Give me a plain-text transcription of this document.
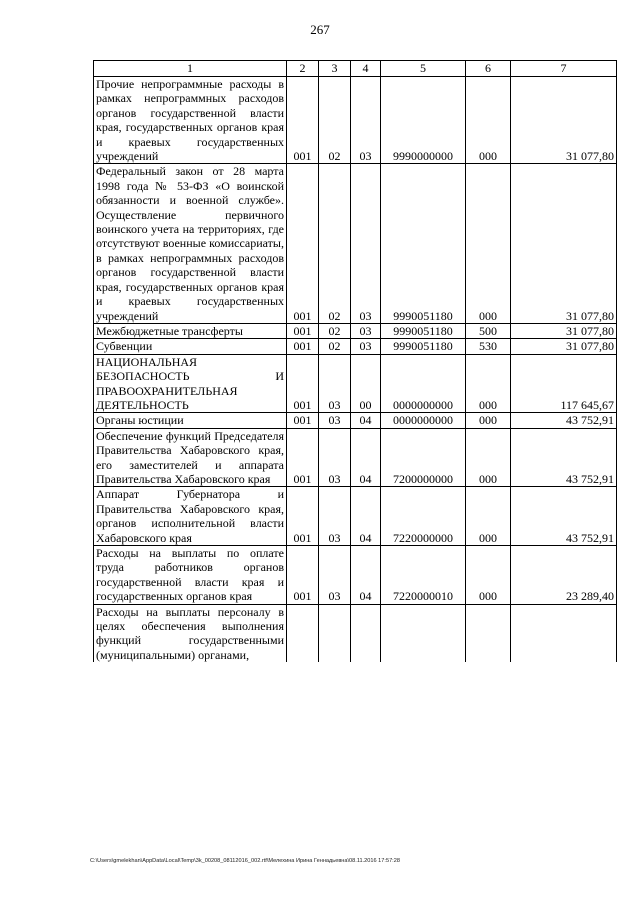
267
1	2	3	4	5	6	7
Прочие непрограммные расходы в рамках непрограммных расходов органов государственной власти края, государственных органов края и краевых государственных учреждений	001	02	03	9990000000	000	31 077,80
Федеральный закон от 28 марта 1998 года № 53-ФЗ «О воинской обязанности и военной службе». Осуществление первичного воинского учета на территориях, где отсутствуют военные комиссариаты, в рамках непрограммных расходов органов государственной власти края, государственных органов края и краевых государственных учреждений	001	02	03	9990051180	000	31 077,80
Межбюджетные трансферты	001	02	03	9990051180	500	31 077,80
Субвенции	001	02	03	9990051180	530	31 077,80
НАЦИОНАЛЬНАЯ БЕЗОПАСНОСТЬ И ПРАВООХРАНИТЕЛЬНАЯ ДЕЯТЕЛЬНОСТЬ	001	03	00	0000000000	000	117 645,67
Органы юстиции	001	03	04	0000000000	000	43 752,91
Обеспечение функций Председателя Правительства Хабаровского края, его заместителей и аппарата Правительства Хабаровского края	001	03	04	7200000000	000	43 752,91
Аппарат Губернатора и Правительства Хабаровского края, органов исполнительной власти Хабаровского края	001	03	04	7220000000	000	43 752,91
Расходы на выплаты по оплате труда работников органов государственной власти края и государственных органов края	001	03	04	7220000010	000	23 289,40
Расходы на выплаты персоналу в целях обеспечения выполнения функций государственными (муниципальными) органами,						
C:\Users\gmelekhan\AppData\Local\Temp\3k_00208_08112016_002.rtf\Мелехина Ирина Геннадьевна\08.11.2016 17:57:28
